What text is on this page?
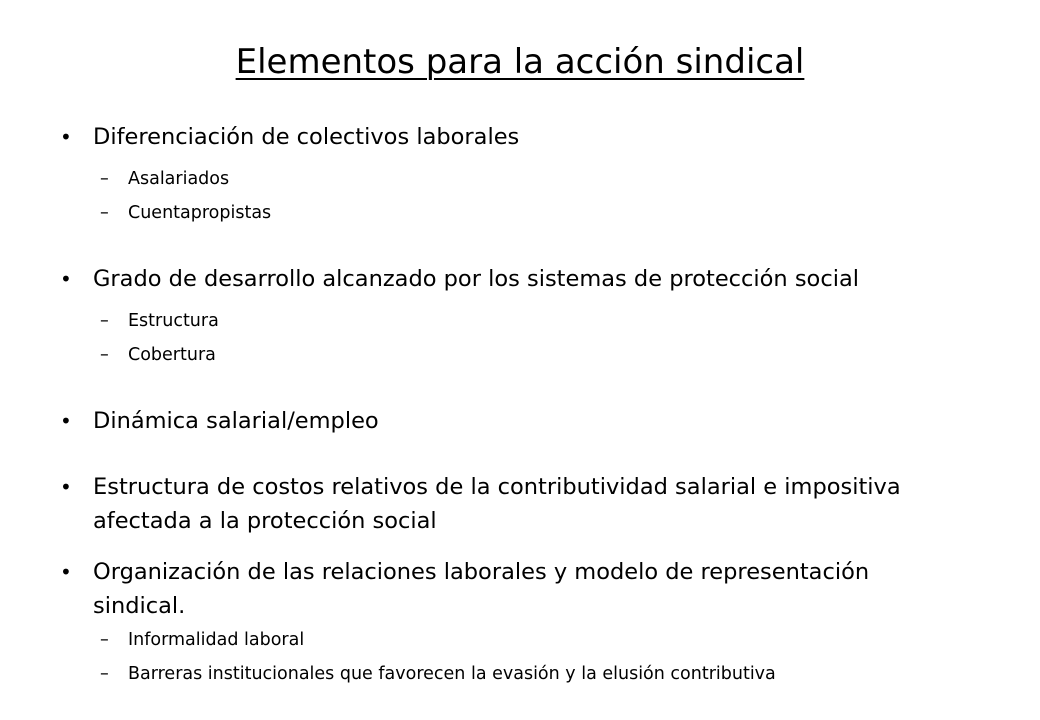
Elementos para la acción sindical
• Diferenciación de colectivos laborales
– Asalariados
– Cuentapropistas
• Grado de desarrollo alcanzado por los sistemas de protección social
– Estructura
– Cobertura
• Dinámica salarial/empleo
• Estructura de costos relativos de la contributividad salarial e impositiva afectada a la protección social
• Organización de las relaciones laborales y modelo de representación sindical.
– Informalidad laboral
– Barreras institucionales que favorecen la evasión y la elusión contributiva
